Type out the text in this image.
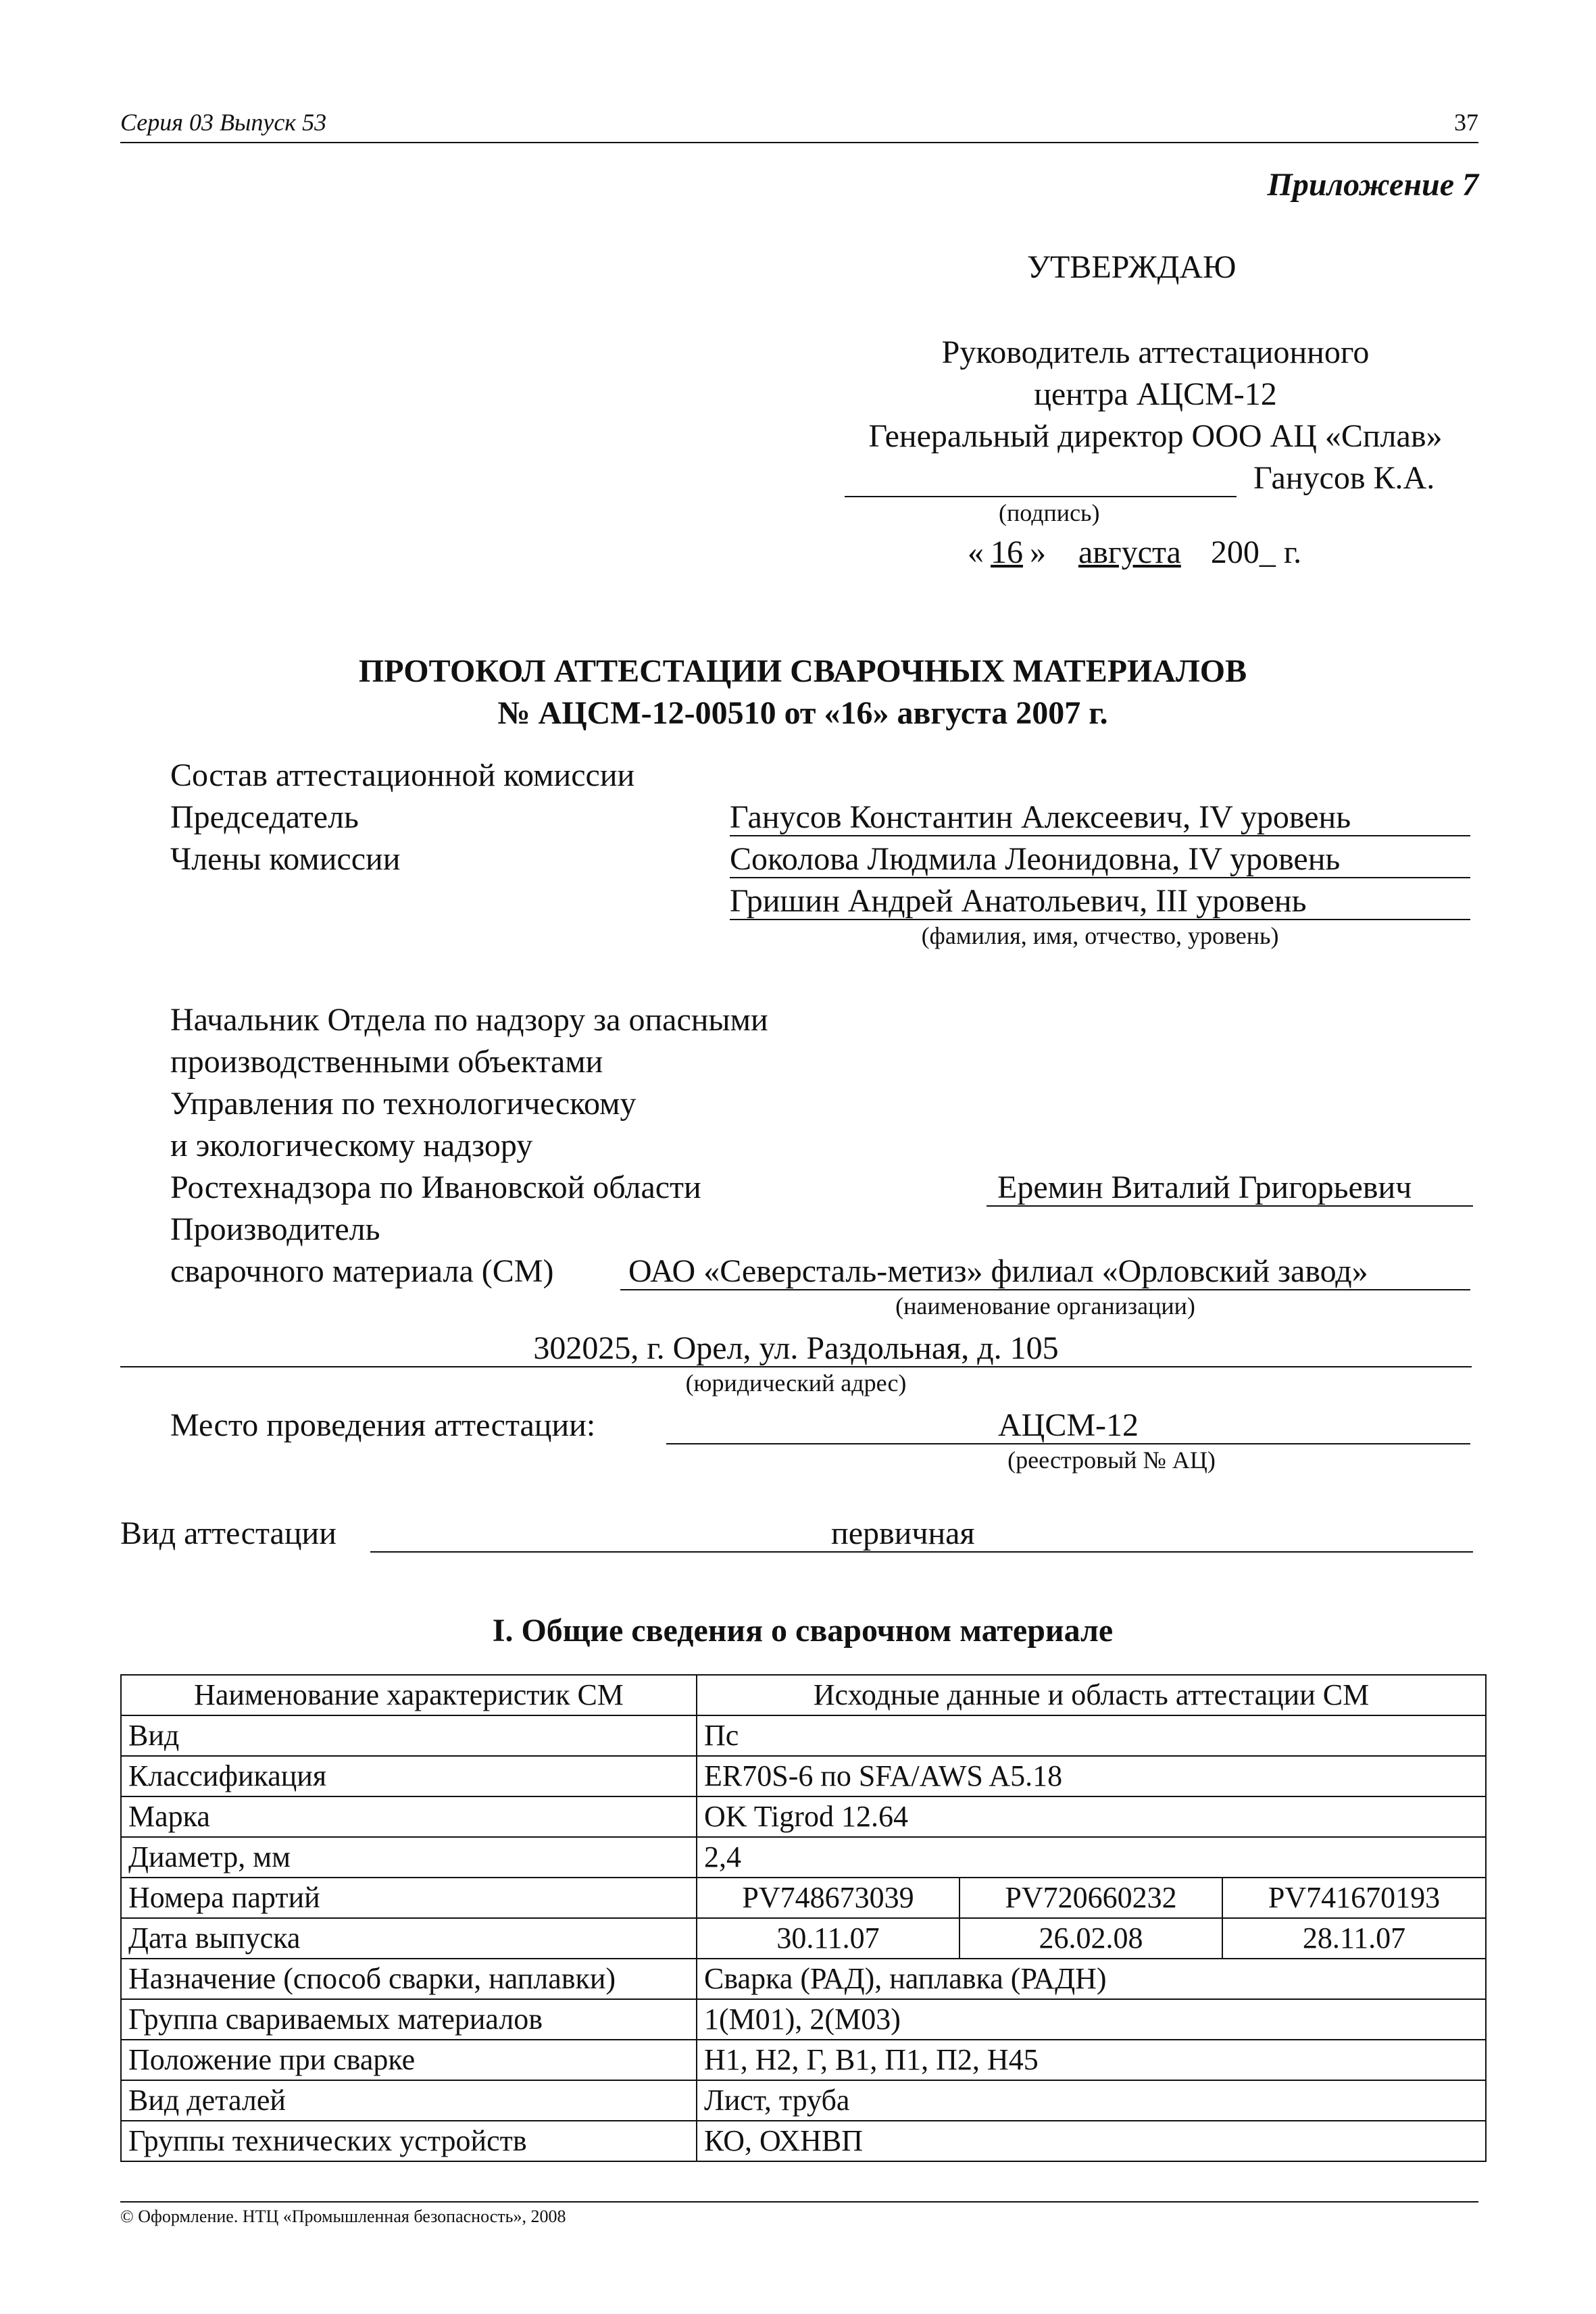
Серия 03 Выпуск 53	37
Приложение 7
УТВЕРЖДАЮ
Руководитель аттестационного
центра АЦСМ-12
Генеральный директор ООО АЦ «Сплав»
Ганусов К.А.
(подпись)
« 16 » августа 200_ г.
ПРОТОКОЛ АТТЕСТАЦИИ СВАРОЧНЫХ МАТЕРИАЛОВ
№ АЦСМ-12-00510 от «16» августа 2007 г.
Состав аттестационной комиссии
Председатель	Ганусов Константин Алексеевич, IV уровень
Члены комиссии	Соколова Людмила Леонидовна, IV уровень
Гришин Андрей Анатольевич, III уровень
(фамилия, имя, отчество, уровень)
Начальник Отдела по надзору за опасными
производственными объектами
Управления по технологическому
и экологическому надзору
Ростехнадзора по Ивановской области	Еремин Виталий Григорьевич
Производитель
сварочного материала (СМ) ОАО «Северсталь-метиз» филиал «Орловский завод»
(наименование организации)
302025, г. Орел, ул. Раздольная, д. 105
(юридический адрес)
Место проведения аттестации:	АЦСМ-12
(реестровый № АЦ)
Вид аттестации	первичная
I. Общие сведения о сварочном материале
Наименование характеристик СМ	Исходные данные и область аттестации СМ		
Вид	Пс		
Классификация	ER70S-6 по SFA/AWS A5.18		
Марка	OK Tigrod 12.64		
Диаметр, мм	2,4		
Номера партий	PV748673039	PV720660232	PV741670193
Дата выпуска	30.11.07	26.02.08	28.11.07
Назначение (способ сварки, наплавки)	Сварка (РАД), наплавка (РАДН)		
Группа свариваемых материалов	1(М01), 2(М03)		
Положение при сварке	Н1, Н2, Г, В1, П1, П2, Н45		
Вид деталей	Лист, труба		
Группы технических устройств	КО, ОХНВП		
© Оформление. НТЦ «Промышленная безопасность», 2008
